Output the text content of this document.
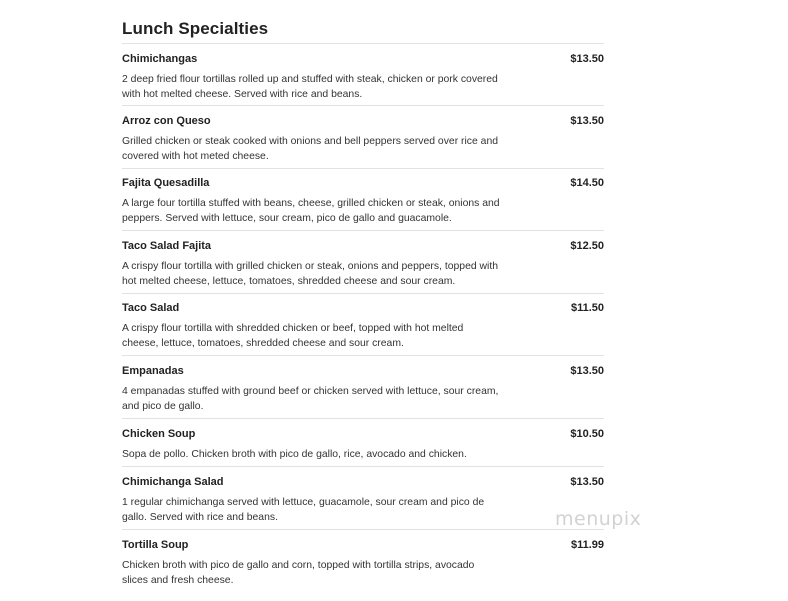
Lunch Specialties
Chimichangas	$13.50

2 deep fried flour tortillas rolled up and stuffed with steak, chicken or pork covered with hot melted cheese. Served with rice and beans.

Arroz con Queso	$13.50

Grilled chicken or steak cooked with onions and bell peppers served over rice and covered with hot meted cheese.

Fajita Quesadilla	$14.50

A large four tortilla stuffed with beans, cheese, grilled chicken or steak, onions and peppers. Served with lettuce, sour cream, pico de gallo and guacamole.

Taco Salad Fajita	$12.50

A crispy flour tortilla with grilled chicken or steak, onions and peppers, topped with hot melted cheese, lettuce, tomatoes, shredded cheese and sour cream.

Taco Salad	$11.50

A crispy flour tortilla with shredded chicken or beef, topped with hot melted cheese, lettuce, tomatoes, shredded cheese and sour cream.

Empanadas	$13.50

4 empanadas stuffed with ground beef or chicken served with lettuce, sour cream, and pico de gallo.

Chicken Soup	$10.50

Sopa de pollo. Chicken broth with pico de gallo, rice, avocado and chicken.

Chimichanga Salad	$13.50

1 regular chimichanga served with lettuce, guacamole, sour cream and pico de gallo. Served with rice and beans.

Tortilla Soup	$11.99

Chicken broth with pico de gallo and corn, topped with tortilla strips, avocado slices and fresh cheese.

menupix
